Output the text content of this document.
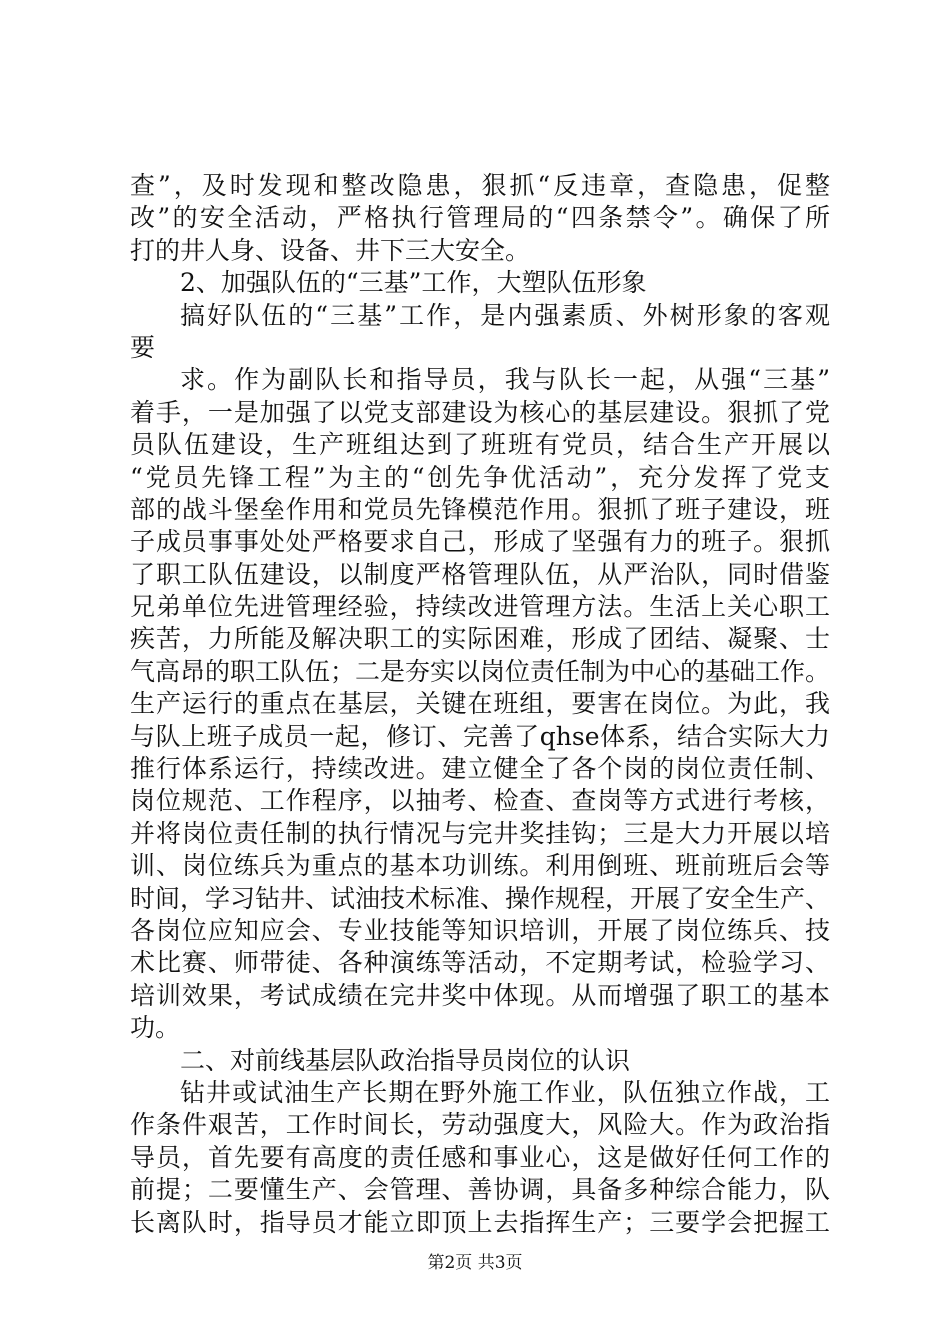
查”，及时发现和整改隐患，狠抓“反违章，查隐患，促整
改”的安全活动，严格执行管理局的“四条禁令”。确保了所
打的井人身、设备、井下三大安全。
2、加强队伍的“三基”工作，大塑队伍形象
搞好队伍的“三基”工作，是内强素质、外树形象的客观
要
求。作为副队长和指导员，我与队长一起，从强“三基”
着手，一是加强了以党支部建设为核心的基层建设。狠抓了党
员队伍建设，生产班组达到了班班有党员，结合生产开展以
“党员先锋工程”为主的“创先争优活动”，充分发挥了党支
部的战斗堡垒作用和党员先锋模范作用。狠抓了班子建设，班
子成员事事处处严格要求自己，形成了坚强有力的班子。狠抓
了职工队伍建设，以制度严格管理队伍，从严治队，同时借鉴
兄弟单位先进管理经验，持续改进管理方法。生活上关心职工
疾苦，力所能及解决职工的实际困难，形成了团结、凝聚、士
气高昂的职工队伍；二是夯实以岗位责任制为中心的基础工作。
生产运行的重点在基层，关键在班组，要害在岗位。为此，我
与队上班子成员一起，修订、完善了qhse体系，结合实际大力
推行体系运行，持续改进。建立健全了各个岗的岗位责任制、
岗位规范、工作程序，以抽考、检查、查岗等方式进行考核，
并将岗位责任制的执行情况与完井奖挂钩；三是大力开展以培
训、岗位练兵为重点的基本功训练。利用倒班、班前班后会等
时间，学习钻井、试油技术标准、操作规程，开展了安全生产、
各岗位应知应会、专业技能等知识培训，开展了岗位练兵、技
术比赛、师带徒、各种演练等活动，不定期考试，检验学习、
培训效果，考试成绩在完井奖中体现。从而增强了职工的基本
功。
二、对前线基层队政治指导员岗位的认识
钻井或试油生产长期在野外施工作业，队伍独立作战，工
作条件艰苦，工作时间长，劳动强度大，风险大。作为政治指
导员，首先要有高度的责任感和事业心，这是做好任何工作的
前提；二要懂生产、会管理、善协调，具备多种综合能力，队
长离队时，指导员才能立即顶上去指挥生产；三要学会把握工
第2页 共3页
